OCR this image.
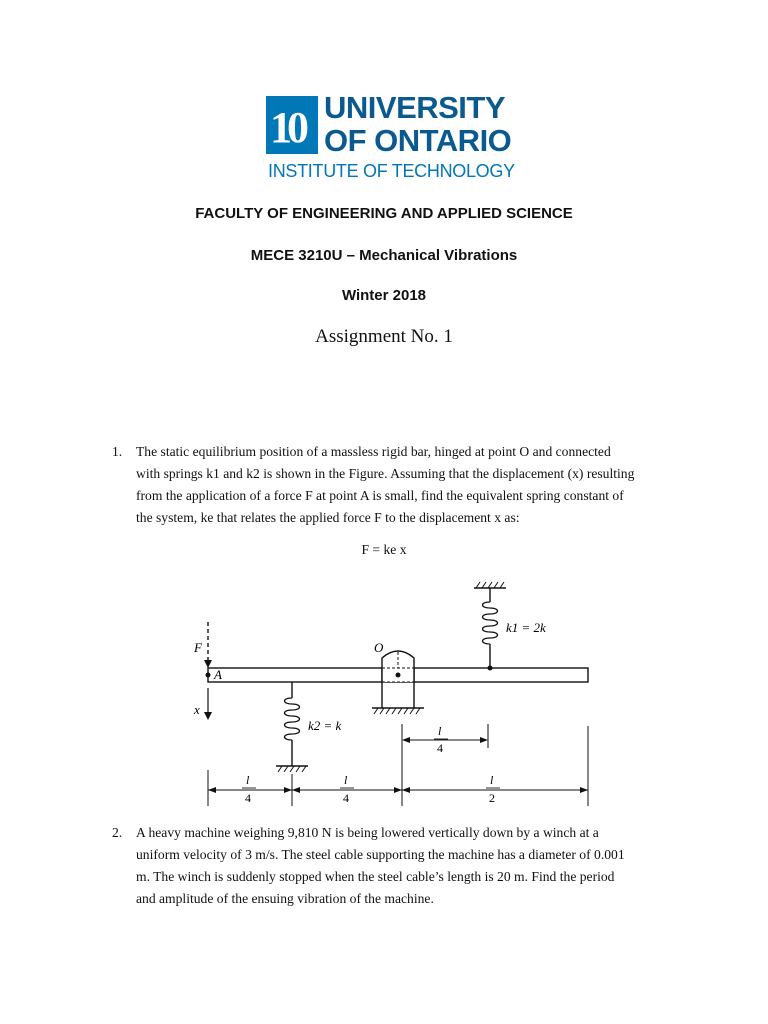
10 UNIVERSITY
OF ONTARIO
INSTITUTE OF TECHNOLOGY
FACULTY OF ENGINEERING AND APPLIED SCIENCE
MECE 3210U – Mechanical Vibrations
Winter 2018
Assignment No. 1
1. The static equilibrium position of a massless rigid bar, hinged at point O and connected
with springs k1 and k2 is shown in the Figure. Assuming that the displacement (x) resulting
from the application of a force F at point A is small, find the equivalent spring constant of
the system, ke that relates the applied force F to the displacement x as:
F = ke x
F
A
x
O
k1 = 2k
k2 = k	l
4
l
4
l
4
l
2
2. A heavy machine weighing 9,810 N is being lowered vertically down by a winch at a
uniform velocity of 3 m/s. The steel cable supporting the machine has a diameter of 0.001
m. The winch is suddenly stopped when the steel cable’s length is 20 m. Find the period
and amplitude of the ensuing vibration of the machine.
